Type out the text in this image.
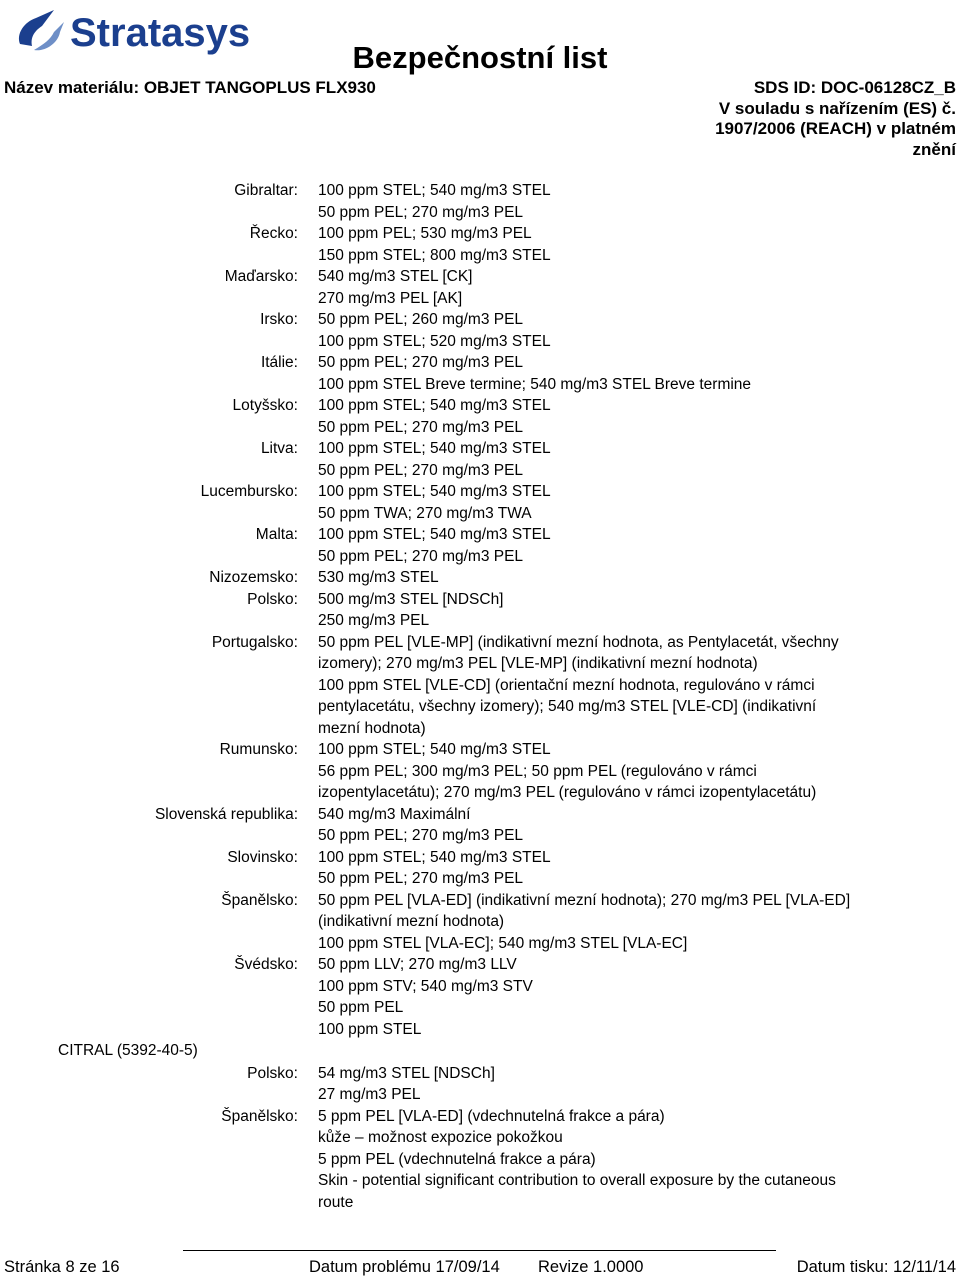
Stratasys
Bezpečnostní list
Název materiálu: OBJET TANGOPLUS FLX930	SDS ID: DOC-06128CZ_B
V souladu s nařízením (ES) č.
1907/2006 (REACH) v platném
znění
Gibraltar: 100 ppm STEL; 540 mg/m3 STEL
50 ppm PEL; 270 mg/m3 PEL
Řecko: 100 ppm PEL; 530 mg/m3 PEL
150 ppm STEL; 800 mg/m3 STEL
Maďarsko: 540 mg/m3 STEL [CK]
270 mg/m3 PEL [AK]
Irsko: 50 ppm PEL; 260 mg/m3 PEL
100 ppm STEL; 520 mg/m3 STEL
Itálie: 50 ppm PEL; 270 mg/m3 PEL
100 ppm STEL Breve termine; 540 mg/m3 STEL Breve termine
Lotyšsko: 100 ppm STEL; 540 mg/m3 STEL
50 ppm PEL; 270 mg/m3 PEL
Litva: 100 ppm STEL; 540 mg/m3 STEL
50 ppm PEL; 270 mg/m3 PEL
Lucembursko: 100 ppm STEL; 540 mg/m3 STEL
50 ppm TWA; 270 mg/m3 TWA
Malta: 100 ppm STEL; 540 mg/m3 STEL
50 ppm PEL; 270 mg/m3 PEL
Nizozemsko: 530 mg/m3 STEL
Polsko: 500 mg/m3 STEL [NDSCh]
250 mg/m3 PEL
Portugalsko: 50 ppm PEL [VLE-MP] (indikativní mezní hodnota, as Pentylacetát, všechny
izomery); 270 mg/m3 PEL [VLE-MP] (indikativní mezní hodnota)
100 ppm STEL [VLE-CD] (orientační mezní hodnota, regulováno v rámci
pentylacetátu, všechny izomery); 540 mg/m3 STEL [VLE-CD] (indikativní
mezní hodnota)
Rumunsko: 100 ppm STEL; 540 mg/m3 STEL
56 ppm PEL; 300 mg/m3 PEL; 50 ppm PEL (regulováno v rámci
izopentylacetátu); 270 mg/m3 PEL (regulováno v rámci izopentylacetátu)
Slovenská republika: 540 mg/m3 Maximální
50 ppm PEL; 270 mg/m3 PEL
Slovinsko: 100 ppm STEL; 540 mg/m3 STEL
50 ppm PEL; 270 mg/m3 PEL
Španělsko: 50 ppm PEL [VLA-ED] (indikativní mezní hodnota); 270 mg/m3 PEL [VLA-ED]
(indikativní mezní hodnota)
100 ppm STEL [VLA-EC]; 540 mg/m3 STEL [VLA-EC]
Švédsko: 50 ppm LLV; 270 mg/m3 LLV
100 ppm STV; 540 mg/m3 STV
50 ppm PEL
100 ppm STEL
CITRAL (5392-40-5)
Polsko: 54 mg/m3 STEL [NDSCh]
27 mg/m3 PEL
Španělsko: 5 ppm PEL [VLA-ED] (vdechnutelná frakce a pára)
kůže – možnost expozice pokožkou
5 ppm PEL (vdechnutelná frakce a pára)
Skin - potential significant contribution to overall exposure by the cutaneous
route
Stránka 8 ze 16	Datum problému 17/09/14 Revize 1.0000	Datum tisku: 12/11/14
